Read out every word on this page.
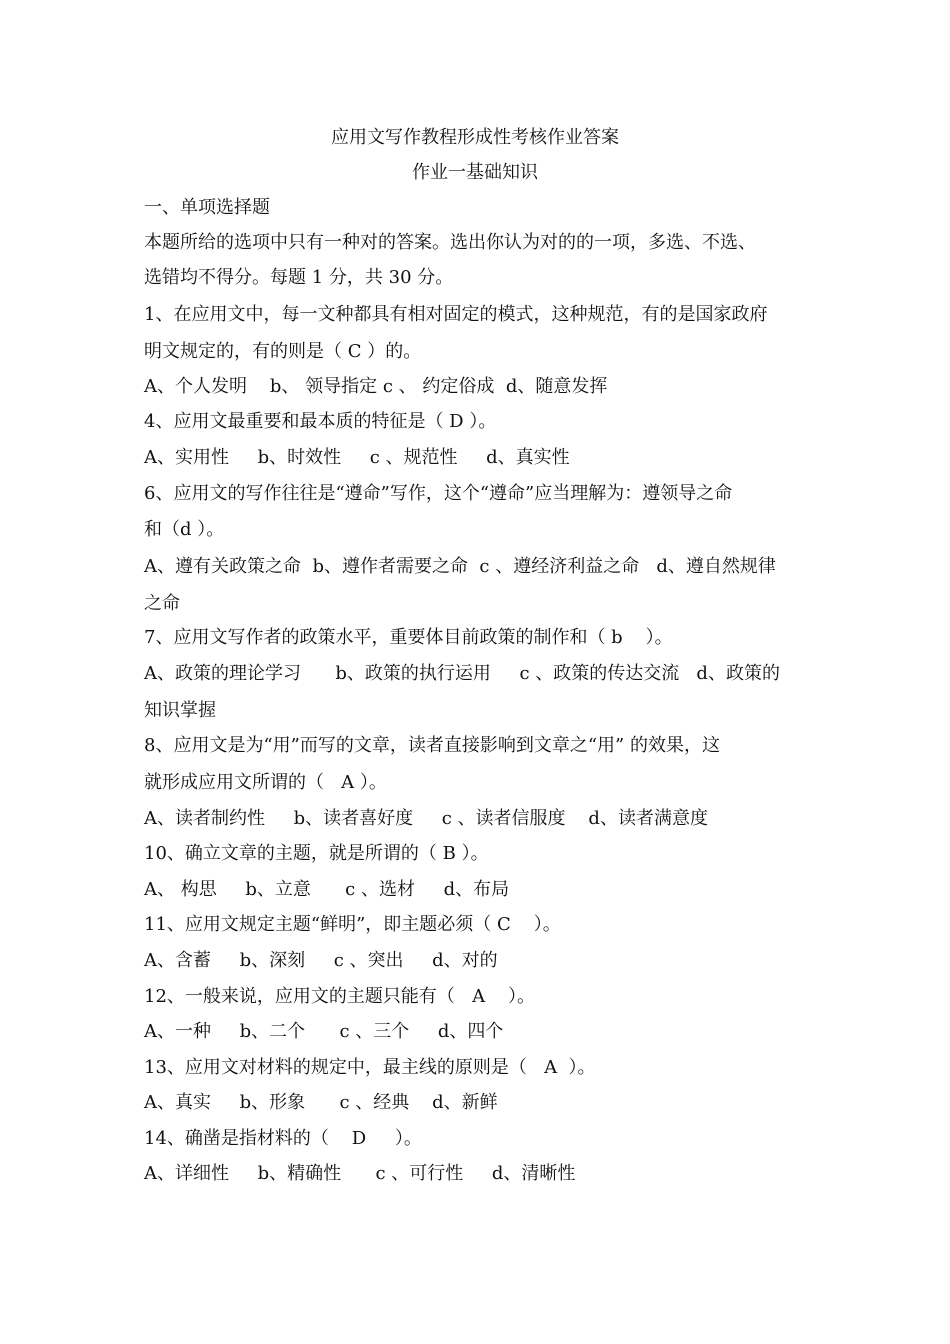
应用文写作教程形成性考核作业答案
作业一基础知识
一、单项选择题
本题所给的选项中只有一种对的答案。选出你认为对的的一项，多选、不选、
选错均不得分。每题 1 分，共 30 分。
1、在应用文中，每一文种都具有相对固定的模式，这种规范，有的是国家政府
明文规定的，有的则是（ C ）的。
A、个人发明    b、 领导指定 c 、 约定俗成  d、随意发挥
4、应用文最重要和最本质的特征是（ D ）。
A、实用性     b、时效性     c 、规范性     d、真实性
6、应用文的写作往往是“遵命”写作，这个“遵命”应当理解为：遵领导之命
和（d ）。
A、遵有关政策之命  b、遵作者需要之命  c 、遵经济利益之命   d、遵自然规律
之命
7、应用文写作者的政策水平，重要体目前政策的制作和（ b    ）。
A、政策的理论学习      b、政策的执行运用     c 、政策的传达交流   d、政策的
知识掌握
8、应用文是为“用”而写的文章，读者直接影响到文章之“用” 的效果，这
就形成应用文所谓的（   A ）。
A、读者制约性     b、读者喜好度     c 、读者信服度    d、读者满意度
10、确立文章的主题，就是所谓的（ B ）。
A、 构思     b、立意      c 、选材     d、布局
11、应用文规定主题“鲜明”，即主题必须（ C    ）。
A、含蓄     b、深刻     c 、突出     d、对的
12、一般来说，应用文的主题只能有（   A    ）。
A、一种     b、二个      c 、三个     d、四个
13、应用文对材料的规定中，最主线的原则是（   A  ）。
A、真实     b、形象      c 、经典    d、新鲜
14、确凿是指材料的（    D     ）。
A、详细性     b、精确性      c 、可行性     d、清晰性
